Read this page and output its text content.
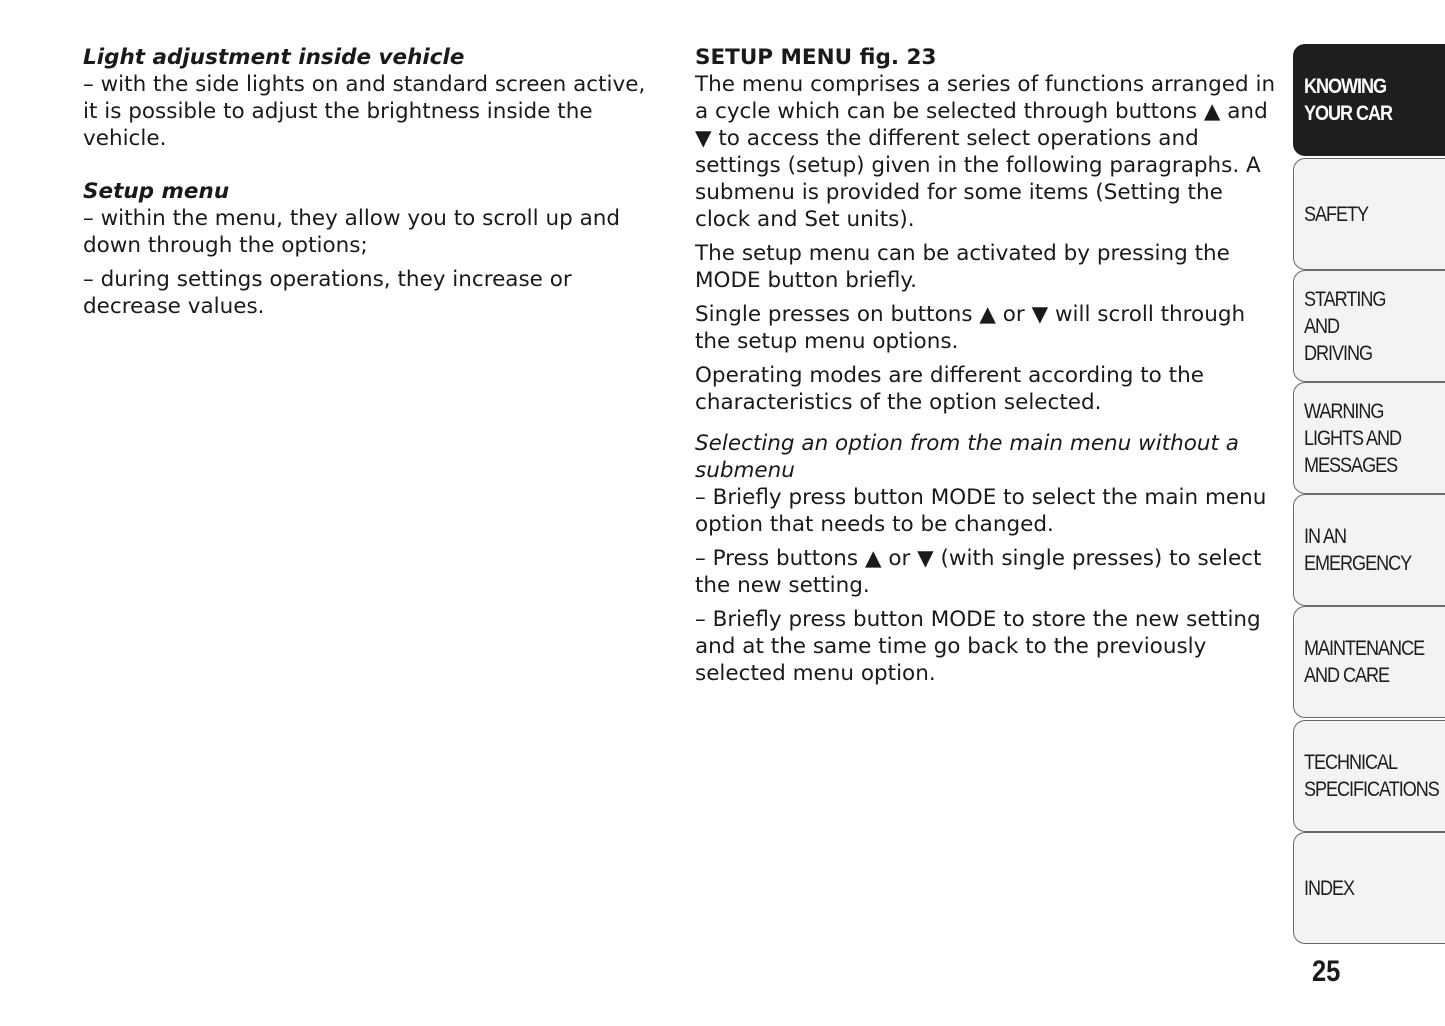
Light adjustment inside vehicle

– with the side lights on and standard screen active, it is possible to adjust the brightness inside the vehicle.

Setup menu

– within the menu, they allow you to scroll up and down through the options;

– during settings operations, they increase or decrease values.

SETUP MENU fig. 23

The menu comprises a series of functions arranged in a cycle which can be selected through buttons ▲ and ▼ to access the different select operations and settings (setup) given in the following paragraphs. A submenu is provided for some items (Setting the clock and Set units).

The setup menu can be activated by pressing the MODE button briefly.

Single presses on buttons ▲ or ▼ will scroll through the setup menu options.

Operating modes are different according to the characteristics of the option selected.

Selecting an option from the main menu without a submenu

– Briefly press button MODE to select the main menu option that needs to be changed.

– Press buttons ▲ or ▼ (with single presses) to select the new setting.

– Briefly press button MODE to store the new setting and at the same time go back to the previously selected menu option.

KNOWING
YOUR CAR
SAFETY
STARTING
AND
DRIVING
WARNING
LIGHTS AND
MESSAGES
IN AN
EMERGENCY
MAINTENANCE
AND CARE
TECHNICAL
SPECIFICATIONS
INDEX
25
